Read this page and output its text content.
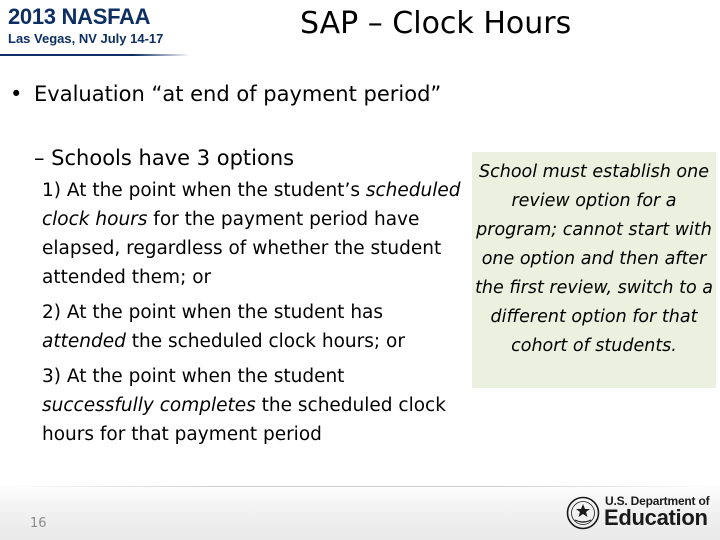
2013 NASFAA
Las Vegas, NV July 14-17	SAP – Clock Hours
• Evaluation “at end of payment period”
– Schools have 3 options
1) At the point when the student’s scheduled clock hours for the payment period have elapsed, regardless of whether the student attended them; or
2) At the point when the student has attended the scheduled clock hours; or
3) At the point when the student successfully completes the scheduled clock hours for that payment period
School must establish one review option for a program; cannot start with one option and then after the first review, switch to a different option for that cohort of students.
16
U.S. Department of
Education
